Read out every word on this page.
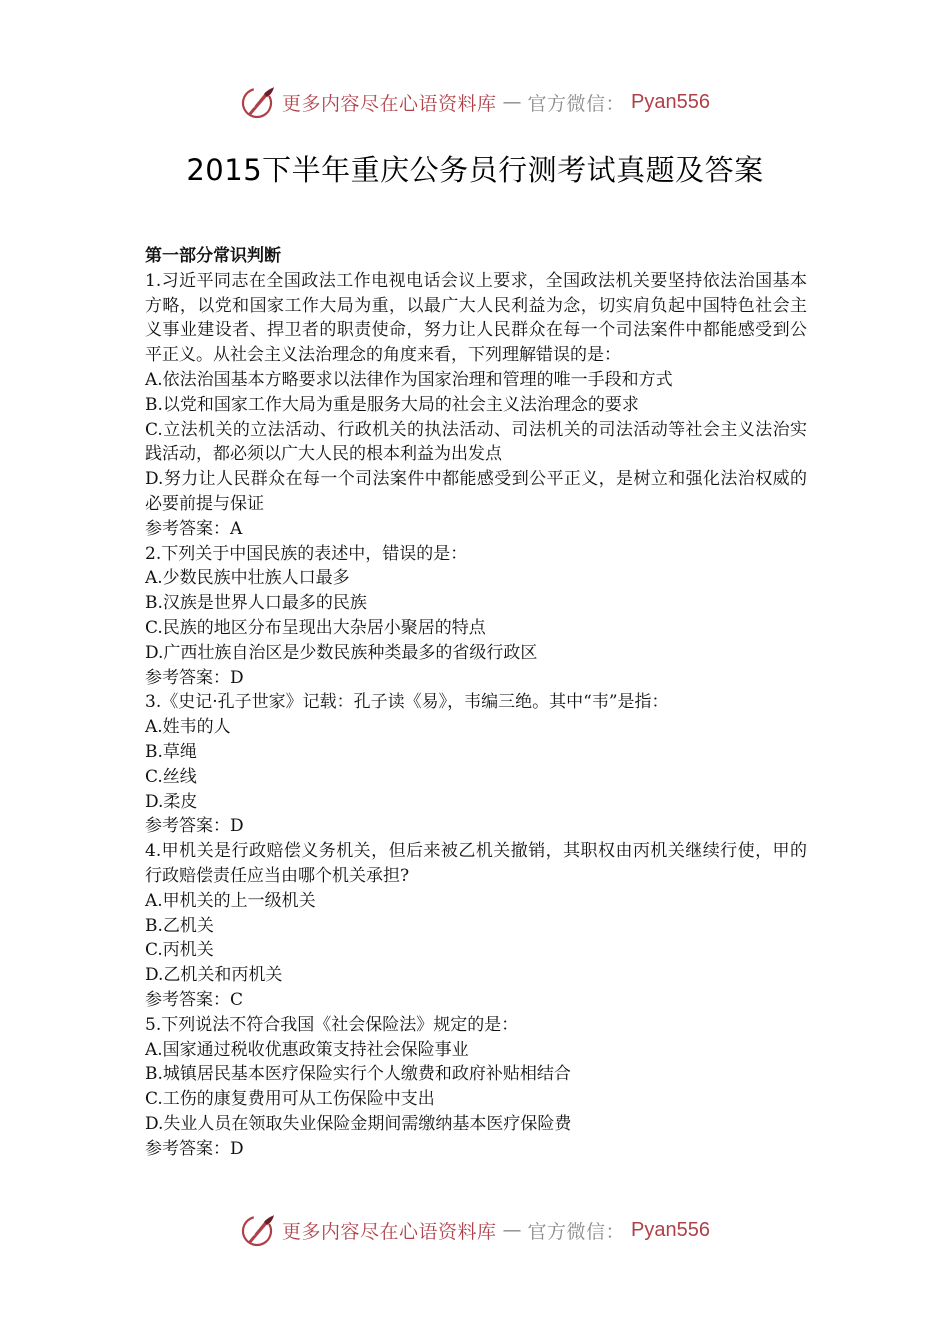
更多内容尽在心语资料库 — 官方微信： Pyan556
2015下半年重庆公务员行测考试真题及答案

第一部分常识判断

1.习近平同志在全国政法工作电视电话会议上要求，全国政法机关要坚持依法治国基本方略，以党和国家工作大局为重，以最广大人民利益为念，切实肩负起中国特色社会主义事业建设者、捍卫者的职责使命，努力让人民群众在每一个司法案件中都能感受到公平正义。从社会主义法治理念的角度来看，下列理解错误的是：

A.依法治国基本方略要求以法律作为国家治理和管理的唯一手段和方式

B.以党和国家工作大局为重是服务大局的社会主义法治理念的要求

C.立法机关的立法活动、行政机关的执法活动、司法机关的司法活动等社会主义法治实践活动，都必须以广大人民的根本利益为出发点

D.努力让人民群众在每一个司法案件中都能感受到公平正义，是树立和强化法治权威的必要前提与保证

参考答案：A

2.下列关于中国民族的表述中，错误的是：

A.少数民族中壮族人口最多

B.汉族是世界人口最多的民族

C.民族的地区分布呈现出大杂居小聚居的特点

D.广西壮族自治区是少数民族种类最多的省级行政区

参考答案：D

3.《史记·孔子世家》记载：孔子读《易》，韦编三绝。其中“韦”是指：

A.姓韦的人

B.草绳

C.丝线

D.柔皮

参考答案：D

4.甲机关是行政赔偿义务机关，但后来被乙机关撤销，其职权由丙机关继续行使，甲的行政赔偿责任应当由哪个机关承担?

A.甲机关的上一级机关

B.乙机关

C.丙机关

D.乙机关和丙机关

参考答案：C

5.下列说法不符合我国《社会保险法》规定的是：

A.国家通过税收优惠政策支持社会保险事业

B.城镇居民基本医疗保险实行个人缴费和政府补贴相结合

C.工伤的康复费用可从工伤保险中支出

D.失业人员在领取失业保险金期间需缴纳基本医疗保险费

参考答案：D

更多内容尽在心语资料库 — 官方微信： Pyan556
